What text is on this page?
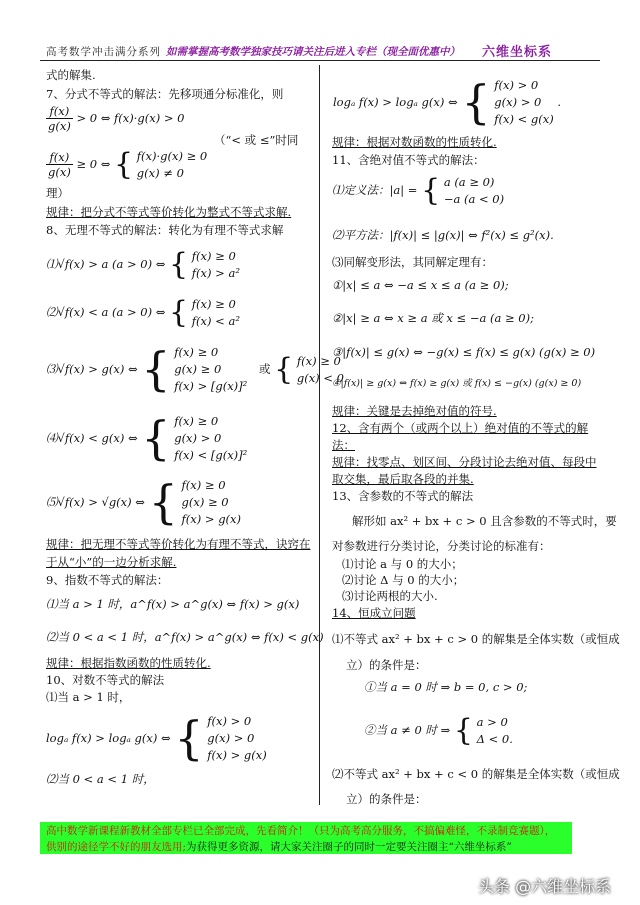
高考数学冲击满分系列 如需掌握高考数学独家技巧请关注后进入专栏（现全面优惠中） 六维坐标系
式的解集.
7、分式不等式的解法：先移项通分标准化，则
$\frac{f(x)}{g(x)} > 0$ ⇔ f(x)·g(x) > 0
（“< 或 ≤”时同
$\frac{f(x)}{g(x)} \ge 0$ ⇔ { f(x)·g(x) ≥ 0
g(x) ≠ 0
理）
规律：把分式不等式等价转化为整式不等式求解.
8、无理不等式的解法：转化为有理不等式求解
⑴√f(x) > a (a > 0) ⇔ { f(x) ≥ 0
f(x) > a²
⑵√f(x) < a (a > 0) ⇔ { f(x) ≥ 0
f(x) < a²
⑶√f(x) > g(x) ⇔ { f(x) ≥ 0
g(x) ≥ 0
f(x) > [g(x)]² 或 { f(x) ≥ 0
g(x) < 0
⑷√f(x) < g(x) ⇔ { f(x) ≥ 0
g(x) > 0
f(x) < [g(x)]²
⑸√f(x) > √g(x) ⇔ { f(x) ≥ 0
g(x) ≥ 0
f(x) > g(x)
规律：把无理不等式等价转化为有理不等式，诀窍在
于从“小”的一边分析求解.
9、指数不等式的解法：
⑴当 a > 1 时，a^f(x) > a^g(x) ⇔ f(x) > g(x)
⑵当 0 < a < 1 时，a^f(x) > a^g(x) ⇔ f(x) < g(x)
规律：根据指数函数的性质转化.
10、对数不等式的解法
⑴当 a > 1 时，
logₐ f(x) > logₐ g(x) ⇔ { f(x) > 0
g(x) > 0
f(x) > g(x)
⑵当 0 < a < 1 时，
logₐ f(x) > logₐ g(x) ⇔ { f(x) > 0
g(x) > 0
f(x) < g(x) .
规律：根据对数函数的性质转化.
11、含绝对值不等式的解法：
⑴定义法：|a| = { a (a ≥ 0)
−a (a < 0)
⑵平方法：|f(x)| ≤ |g(x)| ⇔ f²(x) ≤ g²(x).
⑶同解变形法，其同解定理有：
①|x| ≤ a ⇔ −a ≤ x ≤ a (a ≥ 0);
②|x| ≥ a ⇔ x ≥ a 或 x ≤ −a (a ≥ 0);
③|f(x)| ≤ g(x) ⇔ −g(x) ≤ f(x) ≤ g(x) (g(x) ≥ 0)
④|f(x)| ≥ g(x) ⇔ f(x) ≥ g(x) 或 f(x) ≤ −g(x) (g(x) ≥ 0)
规律：关键是去掉绝对值的符号.
12、含有两个（或两个以上）绝对值的不等式的解
法：
规律：找零点、划区间、分段讨论去绝对值、每段中
取交集，最后取各段的并集.
13、含参数的不等式的解法
解形如 ax² + bx + c > 0 且含参数的不等式时，要
对参数进行分类讨论，分类讨论的标准有：
⑴讨论 a 与 0 的大小；
⑵讨论 Δ 与 0 的大小；
⑶讨论两根的大小.
14、恒成立问题
⑴不等式 ax² + bx + c > 0 的解集是全体实数（或恒成
立）的条件是：
①当 a = 0 时 ⇒ b = 0, c > 0;
②当 a ≠ 0 时 ⇒ { a > 0
Δ < 0.
⑵不等式 ax² + bx + c < 0 的解集是全体实数（或恒成
立）的条件是：
高中数学新课程新教材全部专栏已全部完成，先看简介！（只为高考高分服务，不搞偏难怪，不录制竞赛题），
供别的途径学不好的朋友选用;为获得更多资源，请大家关注圈子的同时一定要关注圈主“六维坐标系”
头条 @六维坐标系
